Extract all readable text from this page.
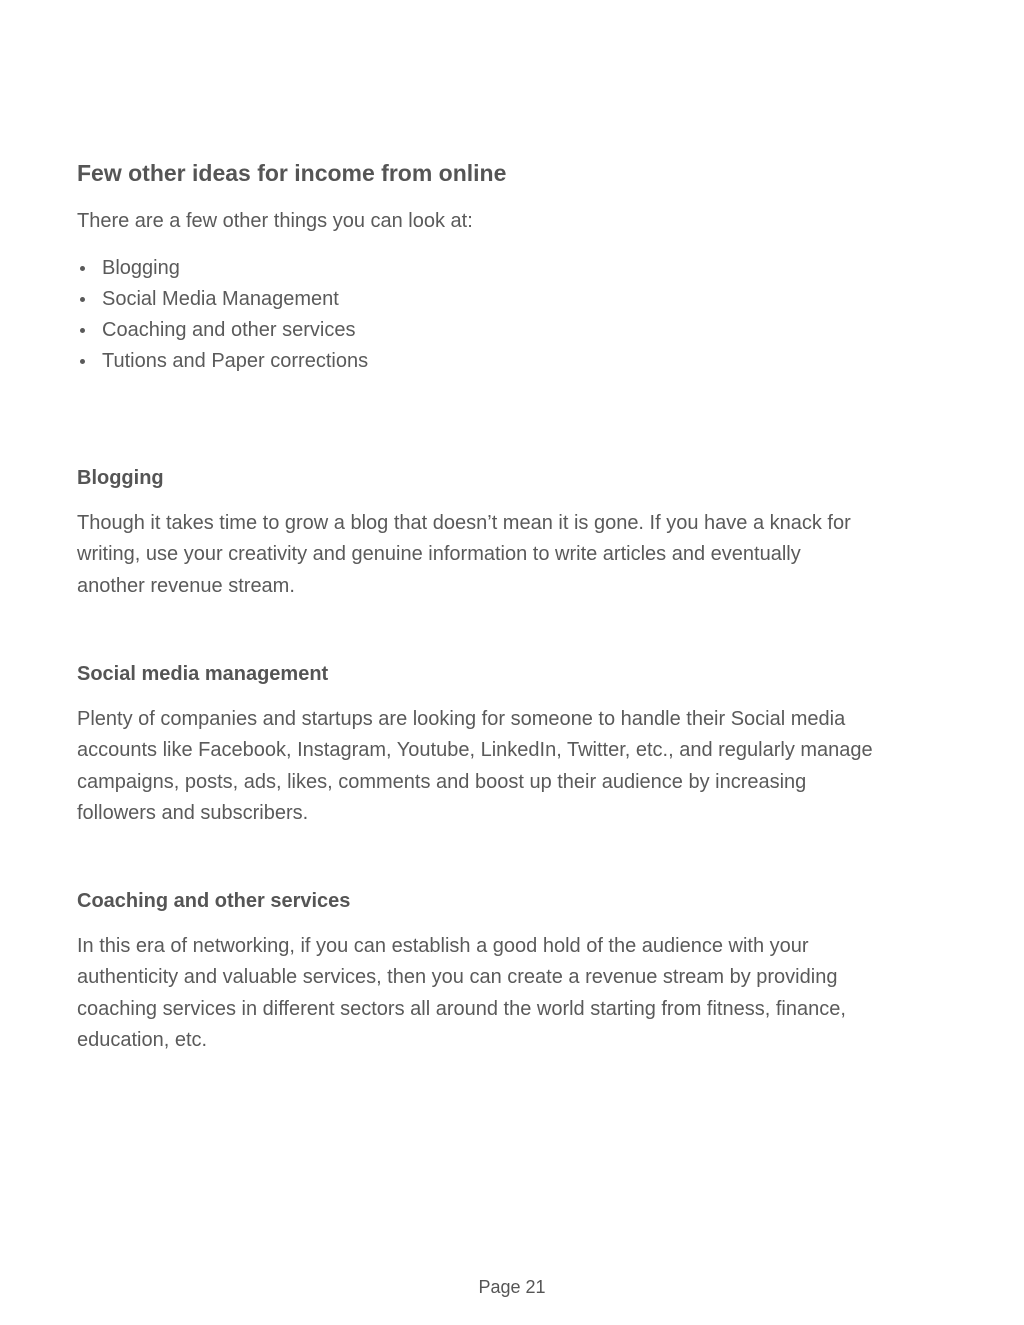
Few other ideas for income from online

There are a few other things you can look at:

Blogging
Social Media Management
Coaching and other services
Tutions and Paper corrections
Blogging

Though it takes time to grow a blog that doesn’t mean it is gone. If you have a knack for
writing, use your creativity and genuine information to write articles and eventually
another revenue stream.

Social media management

Plenty of companies and startups are looking for someone to handle their Social media
accounts like Facebook, Instagram, Youtube, LinkedIn, Twitter, etc., and regularly manage
campaigns, posts, ads, likes, comments and boost up their audience by increasing
followers and subscribers.

Coaching and other services

In this era of networking, if you can establish a good hold of the audience with your
authenticity and valuable services, then you can create a revenue stream by providing
coaching services in different sectors all around the world starting from fitness, finance,
education, etc.

Page 21
